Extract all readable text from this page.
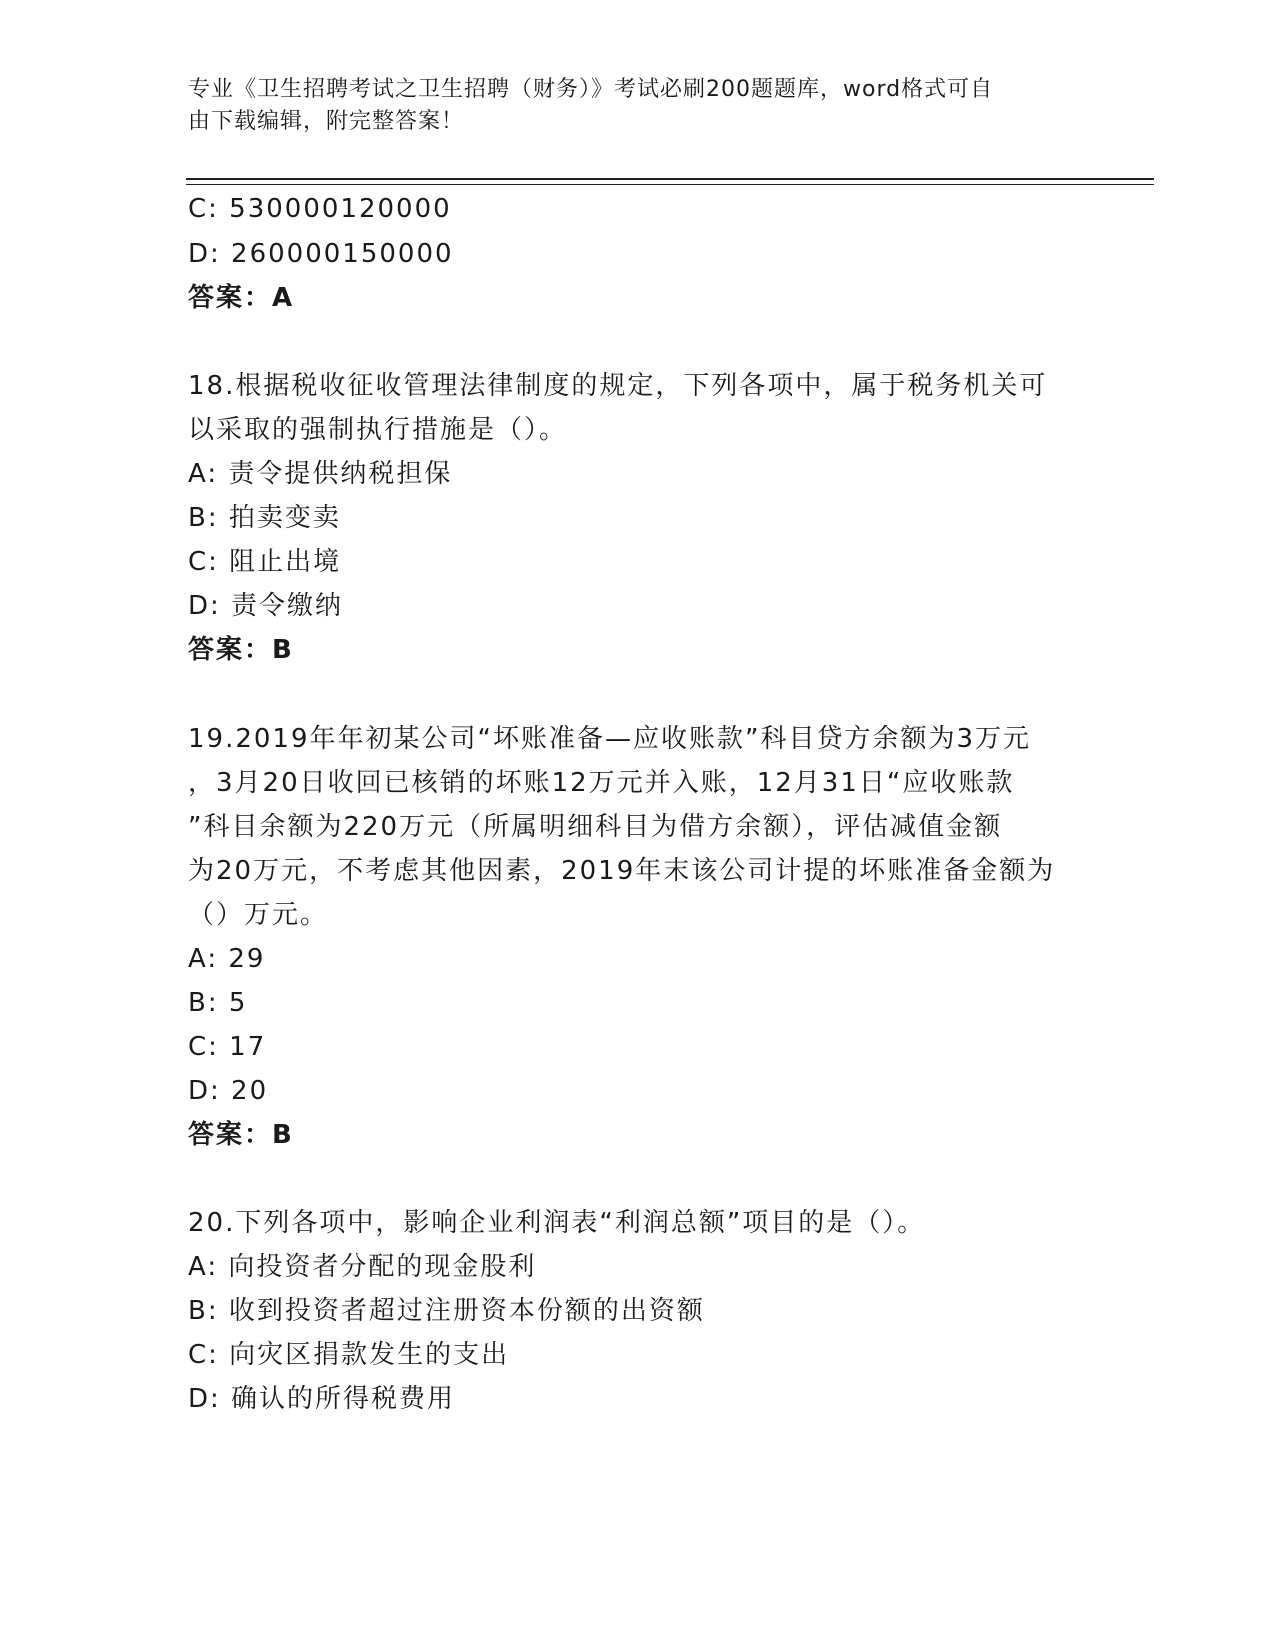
专业《卫生招聘考试之卫生招聘（财务）》考试必刷200题题库，word格式可自
由下载编辑，附完整答案！
C: 530000120000
D: 260000150000
答案：A
18.根据税收征收管理法律制度的规定，下列各项中，属于税务机关可
以采取的强制执行措施是（）。
A: 责令提供纳税担保
B: 拍卖变卖
C: 阻止出境
D: 责令缴纳
答案：B
19.2019年年初某公司“坏账准备—应收账款”科目贷方余额为3万元
，3月20日收回已核销的坏账12万元并入账，12月31日“应收账款
”科目余额为220万元（所属明细科目为借方余额），评估减值金额
为20万元，不考虑其他因素，2019年末该公司计提的坏账准备金额为
（）万元。
A: 29
B: 5
C: 17
D: 20
答案：B
20.下列各项中，影响企业利润表“利润总额”项目的是（）。
A: 向投资者分配的现金股利
B: 收到投资者超过注册资本份额的出资额
C: 向灾区捐款发生的支出
D: 确认的所得税费用
